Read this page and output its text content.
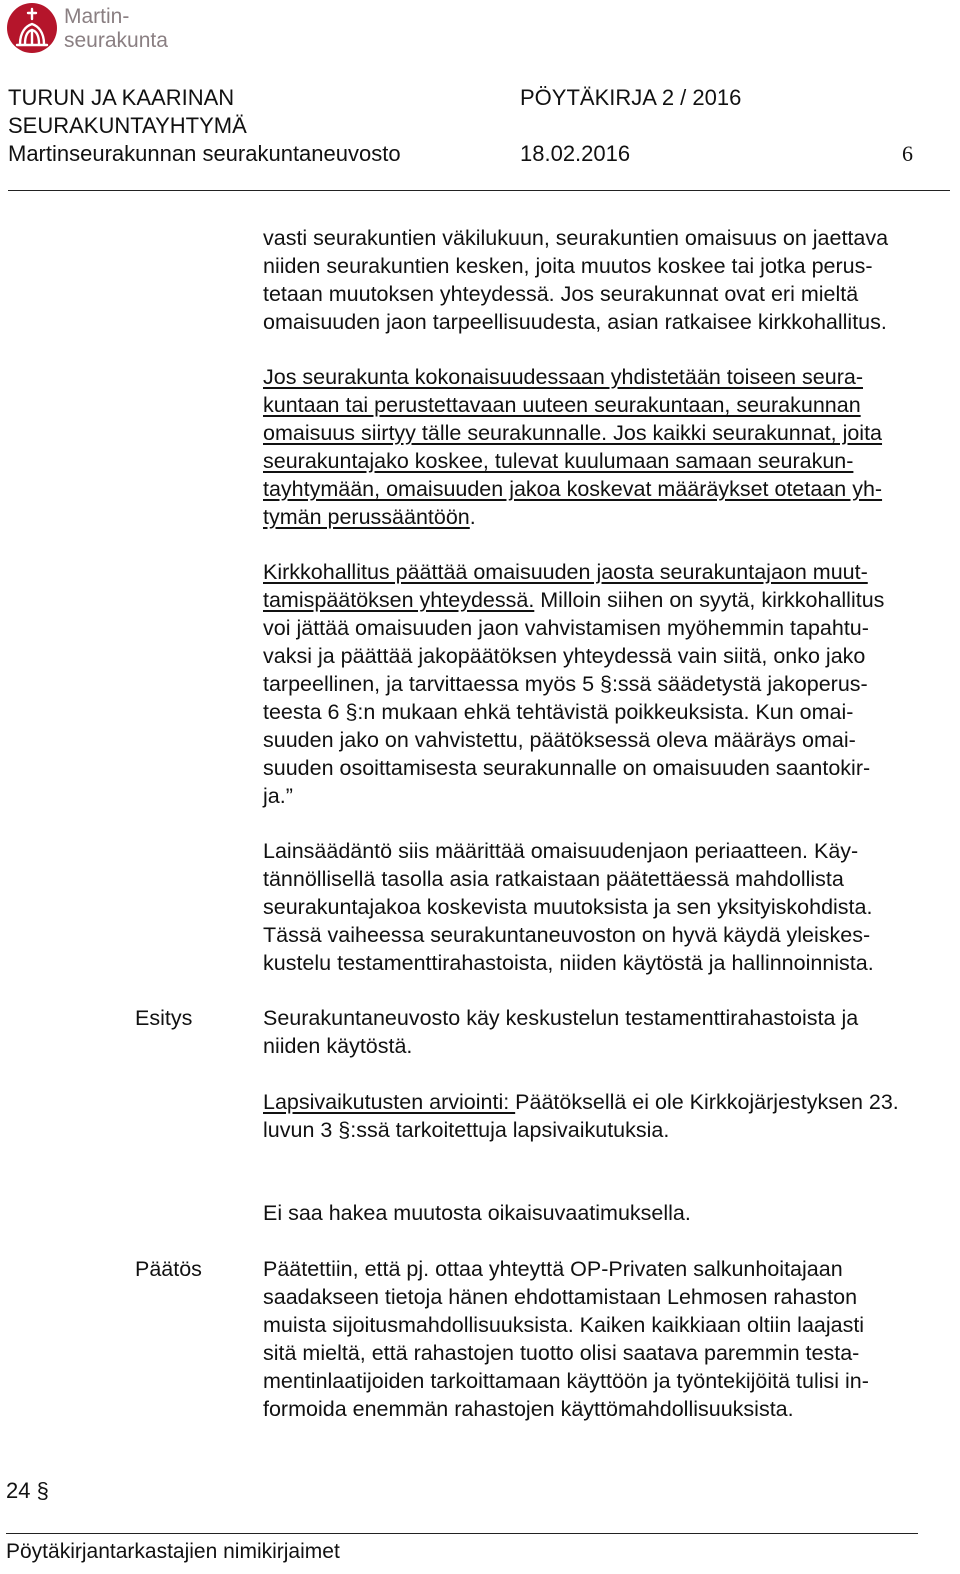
Martin-
seurakunta
TURUN JA KAARINAN
SEURAKUNTAYHTYMÄ
Martinseurakunnan seurakuntaneuvosto
PÖYTÄKIRJA 2 / 2016
18.02.2016	6
vasti seurakuntien väkilukuun, seurakuntien omaisuus on jaettava
niiden seurakuntien kesken, joita muutos koskee tai jotka perus-
tetaan muutoksen yhteydessä. Jos seurakunnat ovat eri mieltä
omaisuuden jaon tarpeellisuudesta, asian ratkaisee kirkkohallitus.
Jos seurakunta kokonaisuudessaan yhdistetään toiseen seura-
kuntaan tai perustettavaan uuteen seurakuntaan, seurakunnan
omaisuus siirtyy tälle seurakunnalle. Jos kaikki seurakunnat, joita
seurakuntajako koskee, tulevat kuulumaan samaan seurakun-
tayhtymään, omaisuuden jakoa koskevat määräykset otetaan yh-
tymän perussääntöön.
Kirkkohallitus päättää omaisuuden jaosta seurakuntajaon muut-
tamispäätöksen yhteydessä. Milloin siihen on syytä, kirkkohallitus
voi jättää omaisuuden jaon vahvistamisen myöhemmin tapahtu-
vaksi ja päättää jakopäätöksen yhteydessä vain siitä, onko jako
tarpeellinen, ja tarvittaessa myös 5 §:ssä säädetystä jakoperus-
teesta 6 §:n mukaan ehkä tehtävistä poikkeuksista. Kun omai-
suuden jako on vahvistettu, päätöksessä oleva määräys omai-
suuden osoittamisesta seurakunnalle on omaisuuden saantokir-
ja.”
Lainsäädäntö siis määrittää omaisuudenjaon periaatteen. Käy-
tännöllisellä tasolla asia ratkaistaan päätettäessä mahdollista
seurakuntajakoa koskevista muutoksista ja sen yksityiskohdista.
Tässä vaiheessa seurakuntaneuvoston on hyvä käydä yleiskes-
kustelu testamenttirahastoista, niiden käytöstä ja hallinnoinnista.
Esitys	Seurakuntaneuvosto käy keskustelun testamenttirahastoista ja
niiden käytöstä.
Lapsivaikutusten arviointi: Päätöksellä ei ole Kirkkojärjestyksen 23.
luvun 3 §:ssä tarkoitettuja lapsivaikutuksia.
Ei saa hakea muutosta oikaisuvaatimuksella.
Päätös	Päätettiin, että pj. ottaa yhteyttä OP-Privaten salkunhoitajaan
saadakseen tietoja hänen ehdottamistaan Lehmosen rahaston
muista sijoitusmahdollisuuksista. Kaiken kaikkiaan oltiin laajasti
sitä mieltä, että rahastojen tuotto olisi saatava paremmin testa-
mentinlaatijoiden tarkoittamaan käyttöön ja työntekijöitä tulisi in-
formoida enemmän rahastojen käyttömahdollisuuksista.
24 §
Pöytäkirjantarkastajien nimikirjaimet
